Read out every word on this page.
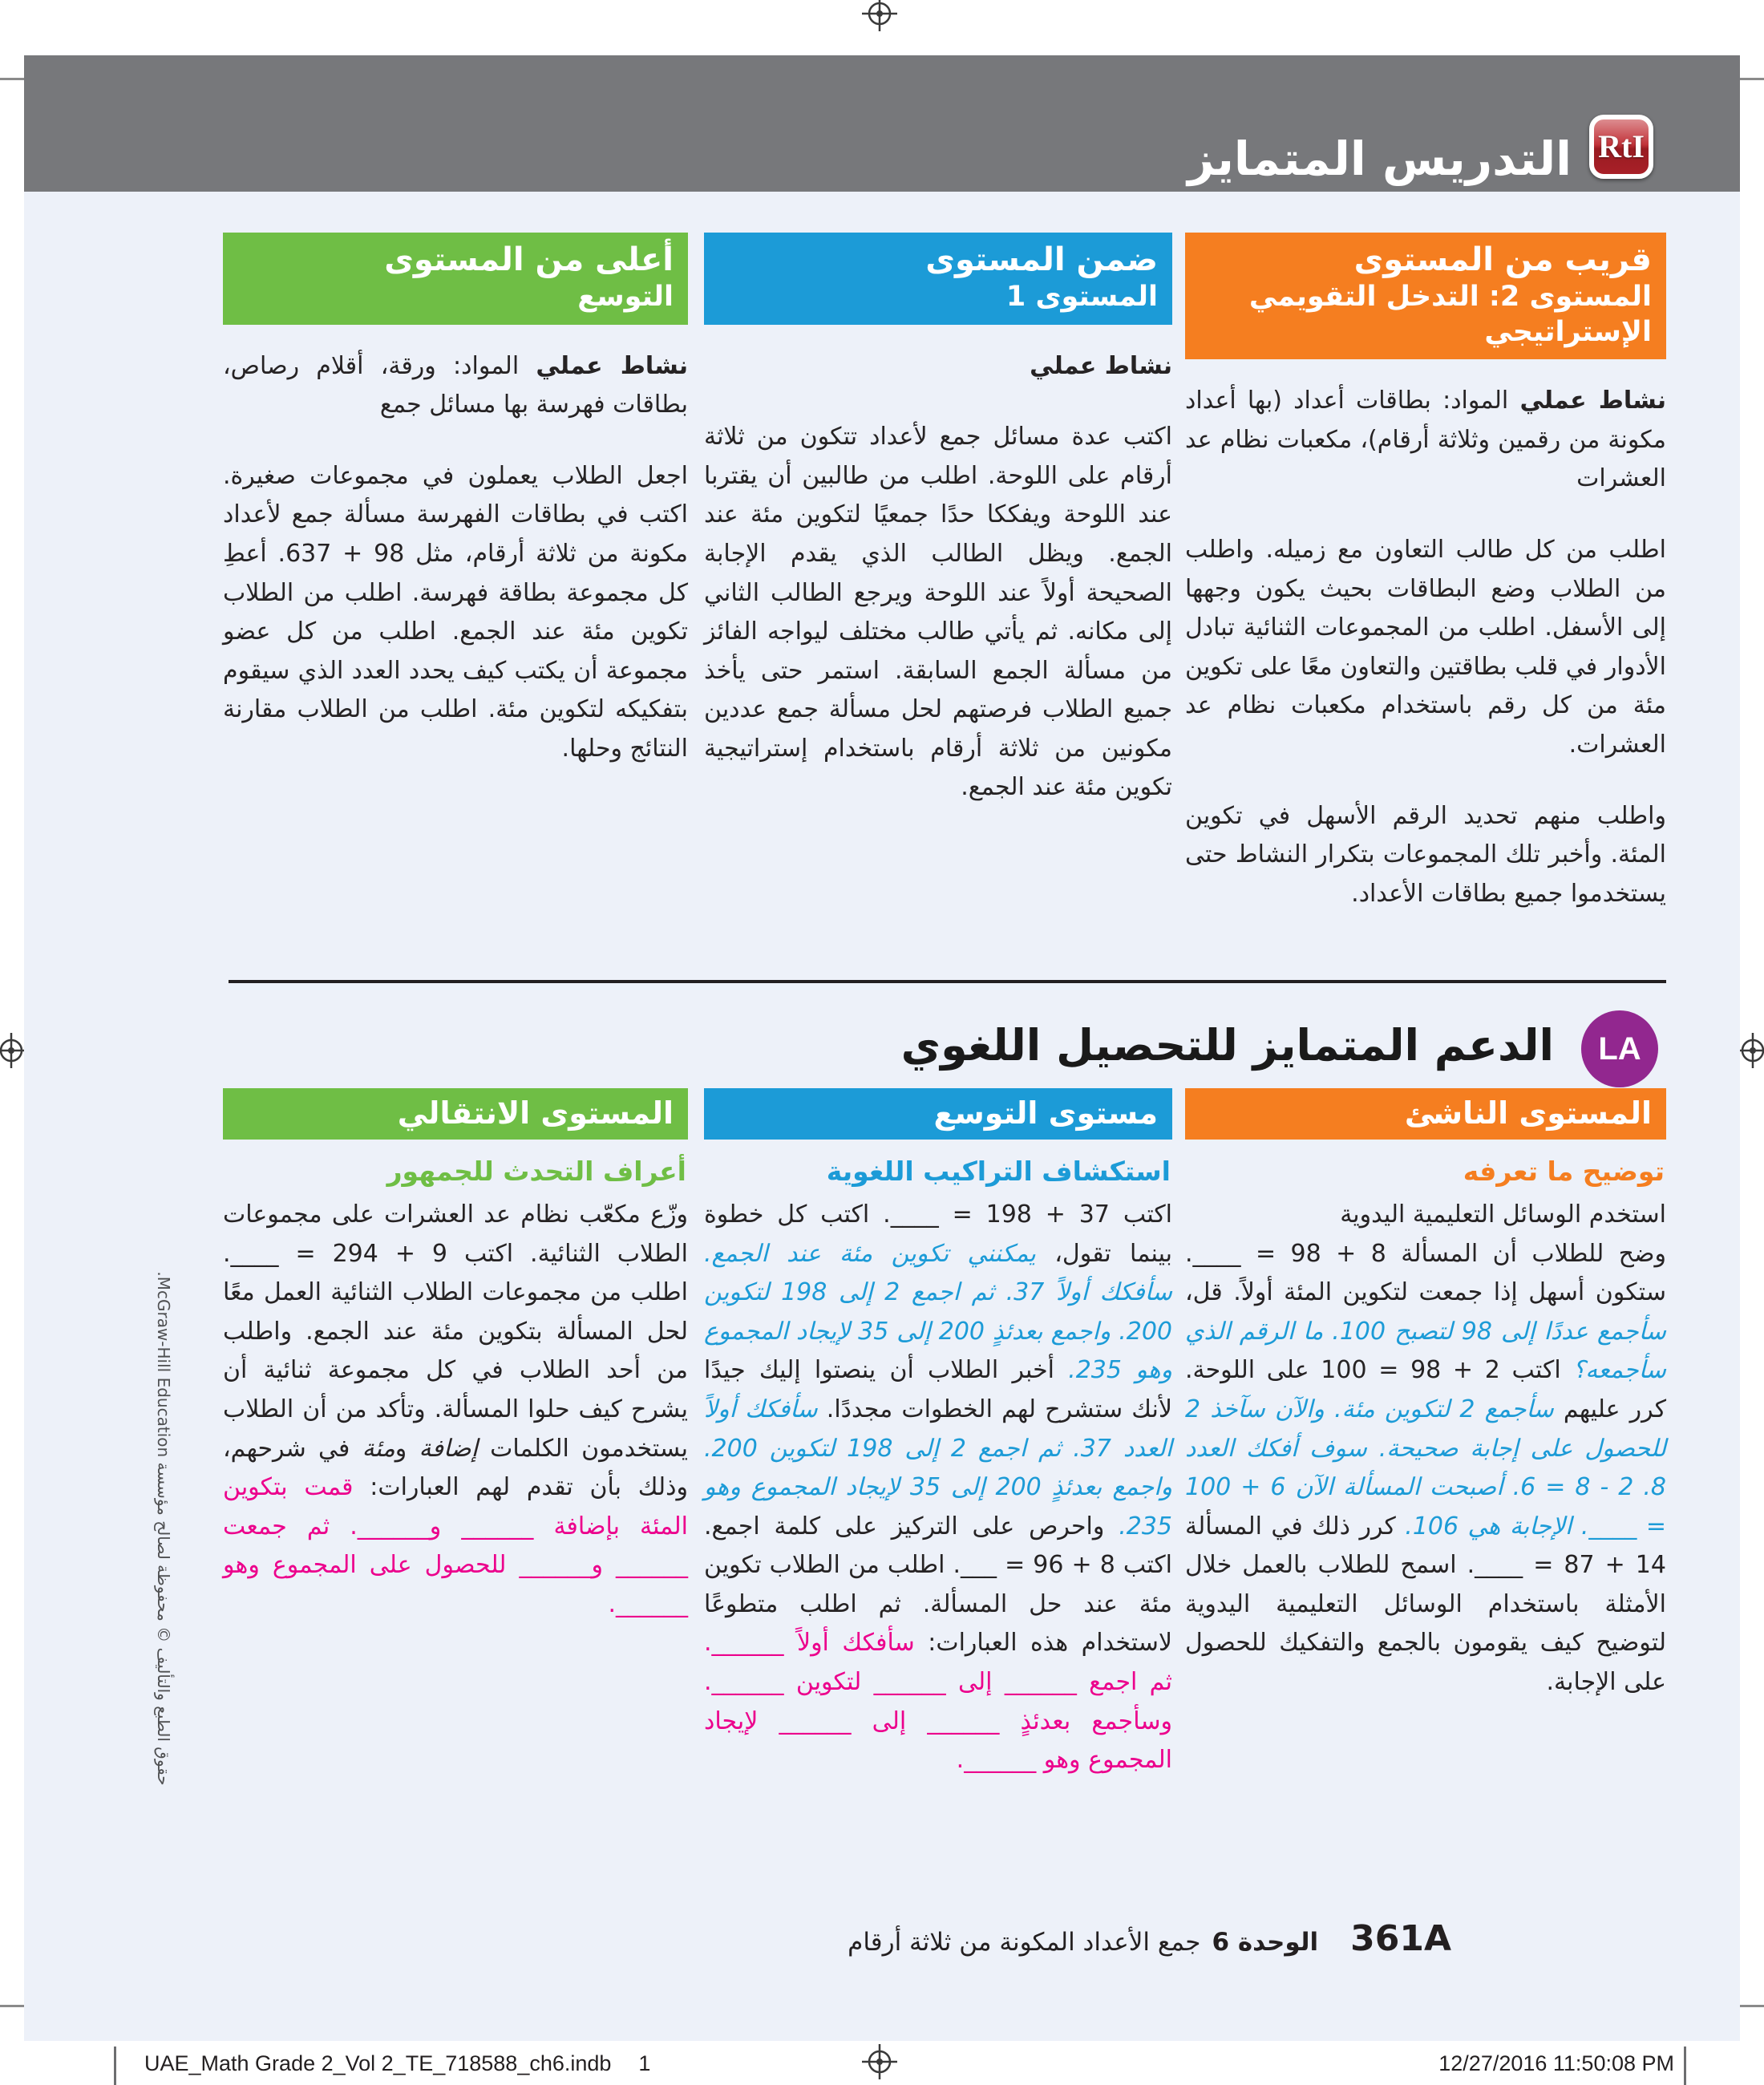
RtI
التدريس المتمايز
قريب من المستوى
المستوى 2: التدخل التقويمي الإستراتيجي

نشاط عملي المواد: بطاقات أعداد (بها أعداد مكونة من رقمين وثلاثة أرقام)، مكعبات نظام عد العشرات

اطلب من كل طالب التعاون مع زميله. واطلب من الطلاب وضع البطاقات بحيث يكون وجهها إلى الأسفل. اطلب من المجموعات الثنائية تبادل الأدوار في قلب بطاقتين والتعاون معًا على تكوين مئة من كل رقم باستخدام مكعبات نظام عد العشرات.

واطلب منهم تحديد الرقم الأسهل في تكوين المئة. وأخبر تلك المجموعات بتكرار النشاط حتى يستخدموا جميع بطاقات الأعداد.

ضمن المستوى
المستوى 1

نشاط عملي

اكتب عدة مسائل جمع لأعداد تتكون من ثلاثة أرقام على اللوحة. اطلب من طالبين أن يقتربا عند اللوحة ويفككا حدًا جمعيًا لتكوين مئة عند الجمع. ويظل الطالب الذي يقدم الإجابة الصحيحة أولاً عند اللوحة ويرجع الطالب الثاني إلى مكانه. ثم يأتي طالب مختلف ليواجه الفائز من مسألة الجمع السابقة. استمر حتى يأخذ جميع الطلاب فرصتهم لحل مسألة جمع عددين مكونين من ثلاثة أرقام باستخدام إستراتيجية تكوين مئة عند الجمع.

أعلى من المستوى
التوسع

نشاط عملي المواد: ورقة، أقلام رصاص، بطاقات فهرسة بها مسائل جمع

اجعل الطلاب يعملون في مجموعات صغيرة. اكتب في بطاقات الفهرسة مسألة جمع لأعداد مكونة من ثلاثة أرقام، مثل 98 + 637. أعطِ كل مجموعة بطاقة فهرسة. اطلب من الطلاب تكوين مئة عند الجمع. اطلب من كل عضو مجموعة أن يكتب كيف يحدد العدد الذي سيقوم بتفكيكه لتكوين مئة. اطلب من الطلاب مقارنة النتائج وحلها.

LA
الدعم المتمايز للتحصيل اللغوي
المستوى الناشئ
توضيح ما تعرفه

استخدم الوسائل التعليمية اليدوية
وضح للطلاب أن المسألة 8 + 98 = ____. ستكون أسهل إذا جمعت لتكوين المئة أولاً. قل، سأجمع عددًا إلى 98 لتصبح 100. ما الرقم الذي سأجمعه؟ اكتب 2 + 98 = 100 على اللوحة. كرر عليهم سأجمع 2 لتكوين مئة. والآن سآخذ 2 للحصول على إجابة صحيحة. سوف أفكك العدد 8. 2 - 8 = 6. أصبحت المسألة الآن 6 + 100 = ____. الإجابة هي 106. كرر ذلك في المسألة 14 + 87 = ____. اسمح للطلاب بالعمل خلال الأمثلة باستخدام الوسائل التعليمية اليدوية لتوضيح كيف يقومون بالجمع والتفكيك للحصول على الإجابة.

مستوى التوسع
استكشاف التراكيب اللغوية

اكتب 37 + 198 = ____. اكتب كل خطوة بينما تقول، يمكنني تكوين مئة عند الجمع. سأفكك أولاً 37. ثم اجمع 2 إلى 198 لتكوين 200. واجمع بعدئذٍ 200 إلى 35 لإيجاد المجموع وهو 235. أخبر الطلاب أن ينصتوا إليك جيدًا لأنك ستشرح لهم الخطوات مجددًا. سأفكك أولاً العدد 37. ثم اجمع 2 إلى 198 لتكوين 200. واجمع بعدئذٍ 200 إلى 35 لإيجاد المجموع وهو 235. واحرص على التركيز على كلمة اجمع. اكتب 8 + 96 = ___. اطلب من الطلاب تكوين مئة عند حل المسألة. ثم اطلب متطوعًا لاستخدام هذه العبارات: سأفكك أولاً ______. ثم اجمع ______ إلى ______ لتكوين ______. وسأجمع بعدئذٍ ______ إلى ______ لإيجاد المجموع وهو ______.

المستوى الانتقالي
أعراف التحدث للجمهور

وزّع مكعّب نظام عد العشرات على مجموعات الطلاب الثنائية. اكتب 9 + 294 = ____. اطلب من مجموعات الطلاب الثنائية العمل معًا لحل المسألة بتكوين مئة عند الجمع. واطلب من أحد الطلاب في كل مجموعة ثنائية أن يشرح كيف حلوا المسألة. وتأكد من أن الطلاب يستخدمون الكلمات إضافة ومئة في شرحهم، وذلك بأن تقدم لهم العبارات: قمت بتكوين المئة بإضافة ______ و______. ثم جمعت ______ و______ للحصول على المجموع وهو ______.

361A
الوحدة 6
جمع الأعداد المكونة من ثلاثة أرقام
حقوق الطبع والتأليف © محفوظة لصالح مؤسسة McGraw-Hill Education.
UAE_Math Grade 2_Vol 2_TE_718588_ch6.indb 1	12/27/2016 11:50:08 PM
